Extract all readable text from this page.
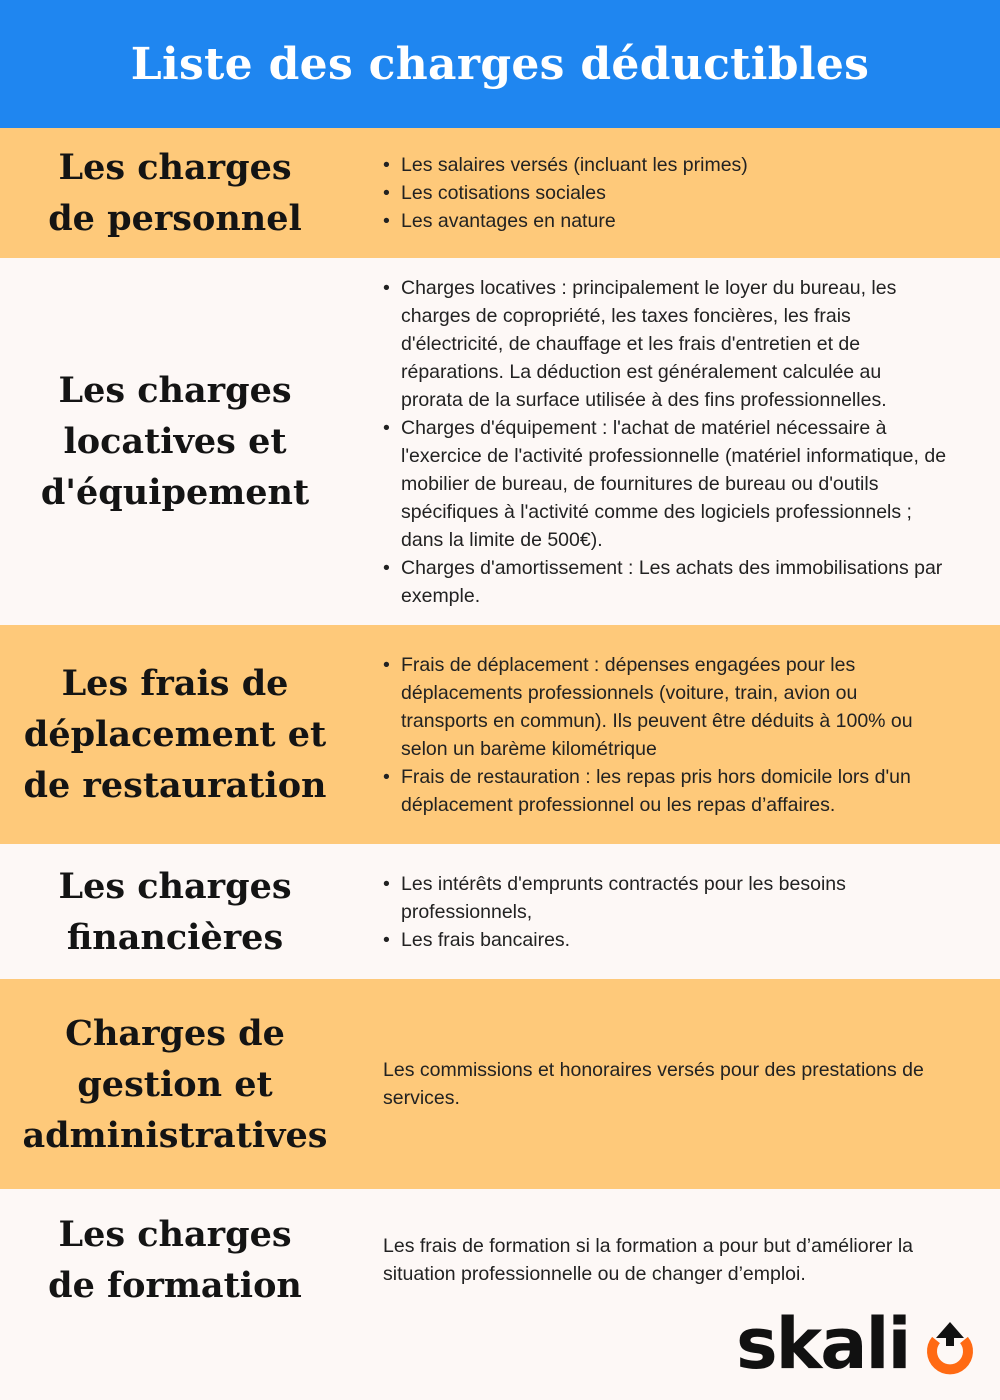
Liste des charges déductibles
Les charges
de personnel
• Les salaires versés (incluant les primes)
• Les cotisations sociales
• Les avantages en nature
Les charges
locatives et
d'équipement
• Charges locatives : principalement le loyer du bureau, les charges de copropriété, les taxes foncières, les frais d'électricité, de chauffage et les frais d'entretien et de réparations. La déduction est généralement calculée au prorata de la surface utilisée à des fins professionnelles.
• Charges d'équipement : l'achat de matériel nécessaire à l'exercice de l'activité professionnelle (matériel informatique, de mobilier de bureau, de fournitures de bureau ou d'outils spécifiques à l'activité comme des logiciels professionnels ; dans la limite de 500€).
• Charges d'amortissement : Les achats des immobilisations par exemple.
Les frais de
déplacement et
de restauration
• Frais de déplacement : dépenses engagées pour les déplacements professionnels (voiture, train, avion ou transports en commun). Ils peuvent être déduits à 100% ou selon un barème kilométrique
• Frais de restauration : les repas pris hors domicile lors d'un déplacement professionnel ou les repas d’affaires.
Les charges
financières
• Les intérêts d'emprunts contractés pour les besoins professionnels,
• Les frais bancaires.
Charges de
gestion et
administratives

Les commissions et honoraires versés pour des prestations de services.

Les charges
de formation

Les frais de formation si la formation a pour but d’améliorer la situation professionnelle ou de changer d’emploi.

skali
